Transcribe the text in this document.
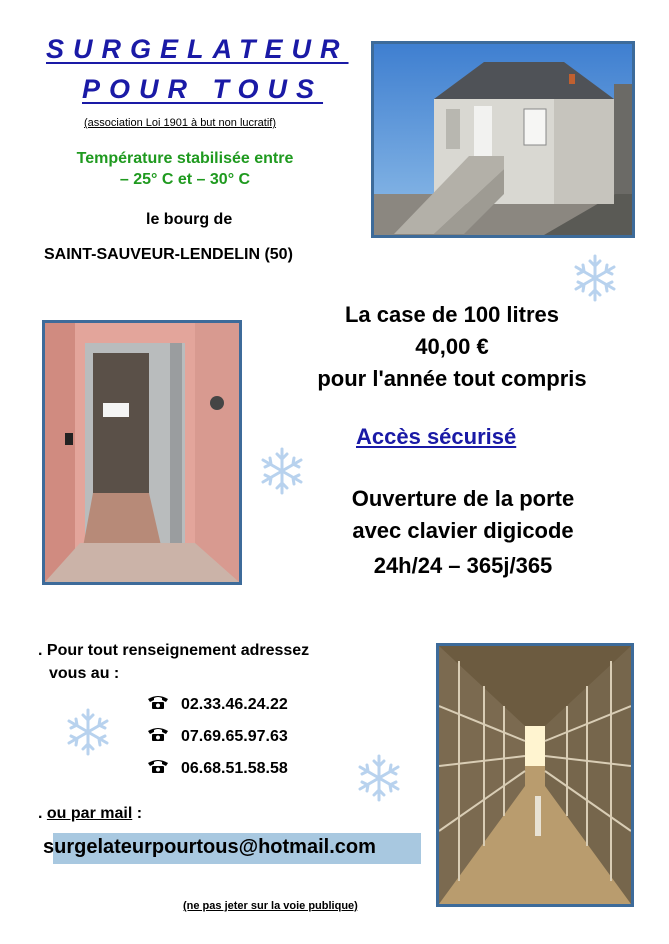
SURGELATEUR
POUR TOUS
(association Loi 1901 à but non lucratif)
Température stabilisée entre
– 25° C et – 30° C
le bourg de
SAINT-SAUVEUR-LENDELIN (50)
La case de 100 litres
40,00 €
pour l'année tout compris
Accès sécurisé
Ouverture de la porte
avec clavier digicode
24h/24 – 365j/365
. Pour tout renseignement adressez
vous au :
02.33.46.24.22
07.69.65.97.63
06.68.51.58.58
. ou par mail :
surgelateurpourtous@hotmail.com
(ne pas jeter sur la voie publique)
